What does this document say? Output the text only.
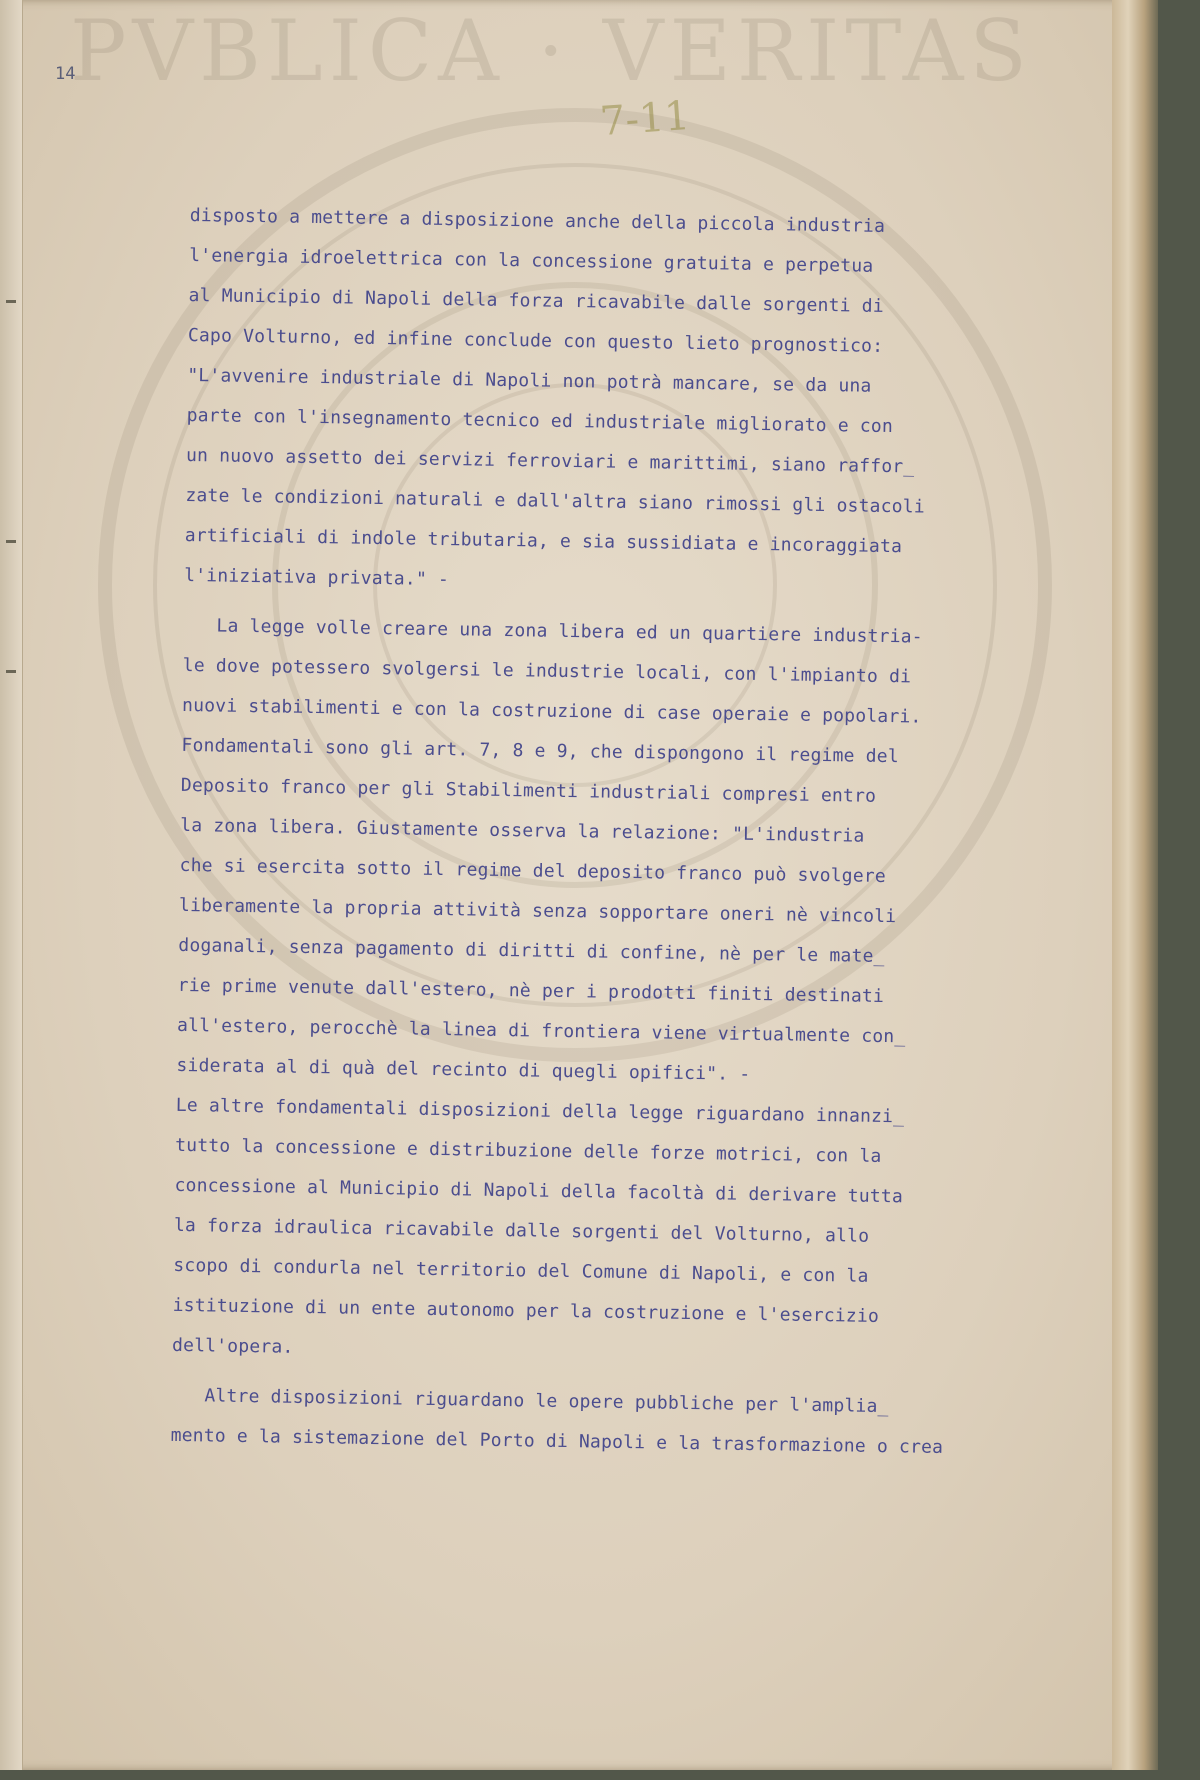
PVBLICA · VERITAS
14
7-11
disposto a mettere a disposizione anche della piccola industria
l'energia idroelettrica con la concessione gratuita e perpetua
al Municipio di Napoli della forza ricavabile dalle sorgenti di
Capo Volturno, ed infine conclude con questo lieto prognostico:
"L'avvenire industriale di Napoli non potrà mancare, se da una
parte con l'insegnamento tecnico ed industriale migliorato e con
un nuovo assetto dei servizi ferroviari e marittimi, siano raffor_
zate le condizioni naturali e dall'altra siano rimossi gli ostacoli
artificiali di indole tributaria, e sia sussidiata e incoraggiata
l'iniziativa privata." -
La legge volle creare una zona libera ed un quartiere industria-
le dove potessero svolgersi le industrie locali, con l'impianto di
nuovi stabilimenti e con la costruzione di case operaie e popolari.
Fondamentali sono gli art. 7, 8 e 9, che dispongono il regime del
Deposito franco per gli Stabilimenti industriali compresi entro
la zona libera. Giustamente osserva la relazione: "L'industria
che si esercita sotto il regime del deposito franco può svolgere
liberamente la propria attività senza sopportare oneri nè vincoli
doganali, senza pagamento di diritti di confine, nè per le mate_
rie prime venute dall'estero, nè per i prodotti finiti destinati
all'estero, perocchè la linea di frontiera viene virtualmente con_
siderata al di quà del recinto di quegli opifici". -
Le altre fondamentali disposizioni della legge riguardano innanzi_
tutto la concessione e distribuzione delle forze motrici, con la
concessione al Municipio di Napoli della facoltà di derivare tutta
la forza idraulica ricavabile dalle sorgenti del Volturno, allo
scopo di condurla nel territorio del Comune di Napoli, e con la
istituzione di un ente autonomo per la costruzione e l'esercizio
dell'opera.
Altre disposizioni riguardano le opere pubbliche per l'amplia_
mento e la sistemazione del Porto di Napoli e la trasformazione o crea
